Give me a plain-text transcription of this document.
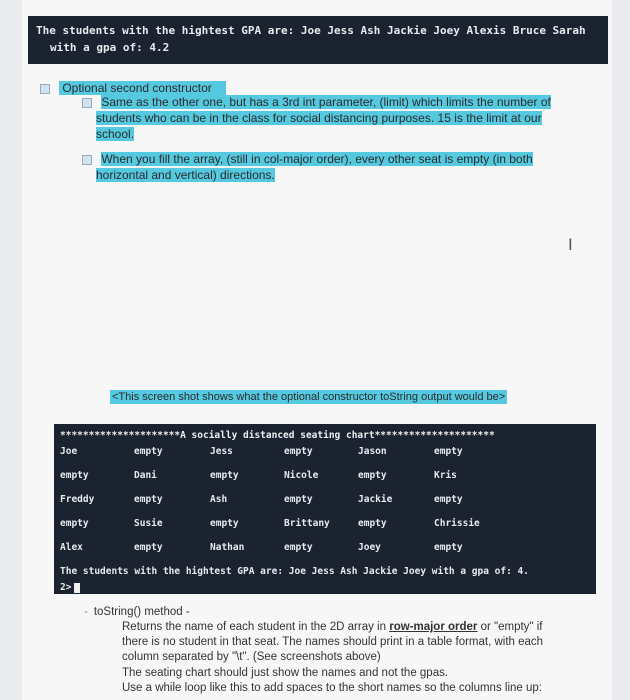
The students with the hightest GPA are: Joe Jess Ash Jackie Joey Alexis Bruce Sarah
with a gpa of: 4.2
Optional second constructor
Same as the other one, but has a 3rd int parameter, (limit) which limits the number of
students who can be in the class for social distancing purposes. 15 is the limit at our
school.
When you fill the array, (still in col-major order), every other seat is empty (in both
horizontal and vertical) directions.
I
<This screen shot shows what the optional constructor toString output would be>
*********************A socially distanced seating chart*********************
Joe	empty	Jess	empty	Jason	empty
empty	Dani	empty	Nicole	empty	Kris
Freddy	empty	Ash	empty	Jackie	empty
empty	Susie	empty	Brittany	empty	Chrissie
Alex	empty	Nathan	empty	Joey	empty
The students with the hightest GPA are: Joe Jess Ash Jackie Joey with a gpa of: 4.
2>
- toString() method -
Returns the name of each student in the 2D array in row-major order or "empty" if
there is no student in that seat. The names should print in a table format, with each
column separated by "\t". (See screenshots above)
The seating chart should just show the names and not the gpas.
Use a while loop like this to add spaces to the short names so the columns line up:
